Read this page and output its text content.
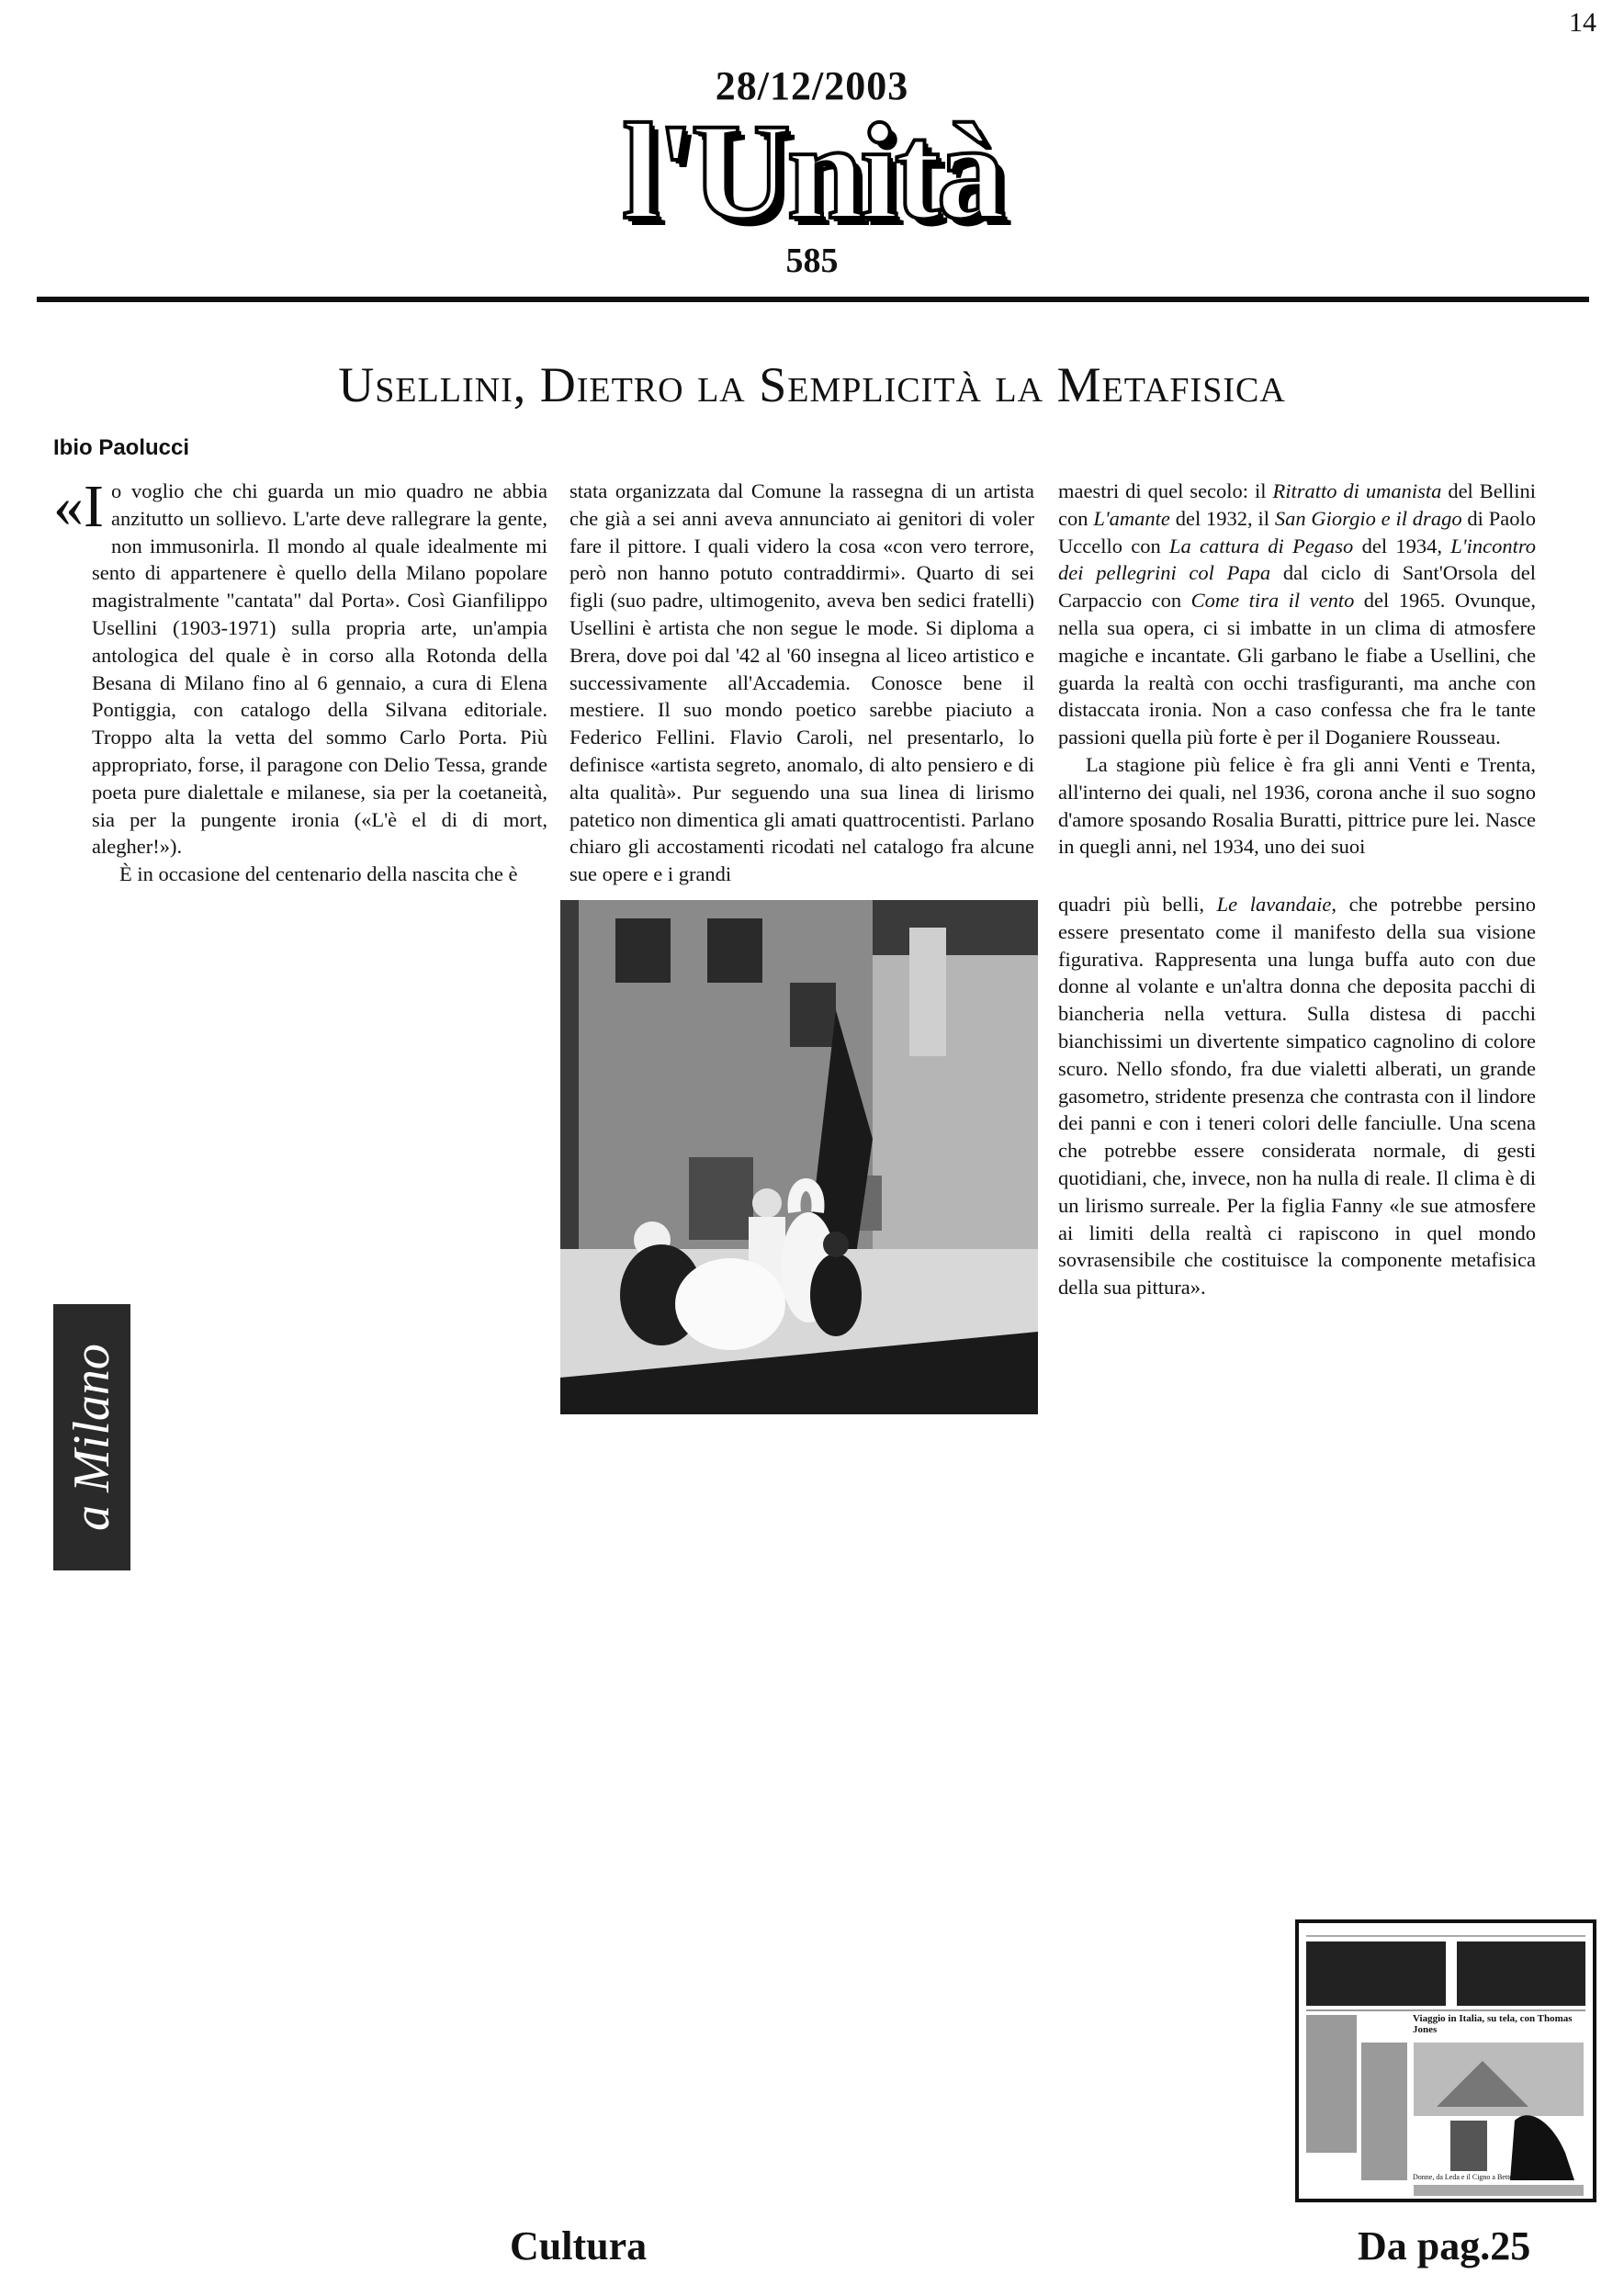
14
28/12/2003
l'Unità
585
Usellini, Dietro la Semplicità la Metafisica
Ibio Paolucci

«Io voglio che chi guarda un mio quadro ne abbia anzitutto un sollievo. L'arte deve rallegrare la gente, non immusonirla. Il mondo al quale idealmente mi sento di appartenere è quello della Milano popolare magistralmente "cantata" dal Porta». Così Gianfilippo Usellini (1903-1971) sulla propria arte, un'ampia antologica del quale è in corso alla Rotonda della Besana di Milano fino al 6 gennaio, a cura di Elena Pontiggia, con catalogo della Silvana editoriale. Troppo alta la vetta del sommo Carlo Porta. Più appropriato, forse, il paragone con Delio Tessa, grande poeta pure dialettale e milanese, sia per la coetaneità, sia per la pungente ironia («L'è el di di mort, alegher!»).

È in occasione del centenario della nascita che è

stata organizzata dal Comune la rassegna di un artista che già a sei anni aveva annunciato ai genitori di voler fare il pittore. I quali videro la cosa «con vero terrore, però non hanno potuto contraddirmi». Quarto di sei figli (suo padre, ultimogenito, aveva ben sedici fratelli) Usellini è artista che non segue le mode. Si diploma a Brera, dove poi dal '42 al '60 insegna al liceo artistico e successivamente all'Accademia. Conosce bene il mestiere. Il suo mondo poetico sarebbe piaciuto a Federico Fellini. Flavio Caroli, nel presentarlo, lo definisce «artista segreto, anomalo, di alto pensiero e di alta qualità». Pur seguendo una sua linea di lirismo patetico non dimentica gli amati quattrocentisti. Parlano chiaro gli accostamenti ricodati nel catalogo fra alcune sue opere e i grandi

maestri di quel secolo: il Ritratto di umanista del Bellini con L'amante del 1932, il San Giorgio e il drago di Paolo Uccello con La cattura di Pegaso del 1934, L'incontro dei pellegrini col Papa dal ciclo di Sant'Orsola del Carpaccio con Come tira il vento del 1965. Ovunque, nella sua opera, ci si imbatte in un clima di atmosfere magiche e incantate. Gli garbano le fiabe a Usellini, che guarda la realtà con occhi trasfiguranti, ma anche con distaccata ironia. Non a caso confessa che fra le tante passioni quella più forte è per il Doganiere Rousseau.

La stagione più felice è fra gli anni Venti e Trenta, all'interno dei quali, nel 1936, corona anche il suo sogno d'amore sposando Rosalia Buratti, pittrice pure lei. Nasce in quegli anni, nel 1934, uno dei suoi

quadri più belli, Le lavandaie, che potrebbe persino essere presentato come il manifesto della sua visione figurativa. Rappresenta una lunga buffa auto con due donne al volante e un'altra donna che deposita pacchi di biancheria nella vettura. Sulla distesa di pacchi bianchissimi un divertente simpatico cagnolino di colore scuro. Nello sfondo, fra due vialetti alberati, un grande gasometro, stridente presenza che contrasta con il lindore dei panni e con i teneri colori delle fanciulle. Una scena che potrebbe essere considerata normale, di gesti quotidiani, che, invece, non ha nulla di reale. Il clima è di un lirismo surreale. Per la figlia Fanny «le sue atmosfere ai limiti della realtà ci rapiscono in quel mondo sovrasensibile che costituisce la componente metafisica della sua pittura».

a Milano
Viaggio in Italia, su tela, con Thomas Jones
Donne, da Leda e il Cigno a Bette Davis
Cultura	Da pag.25
